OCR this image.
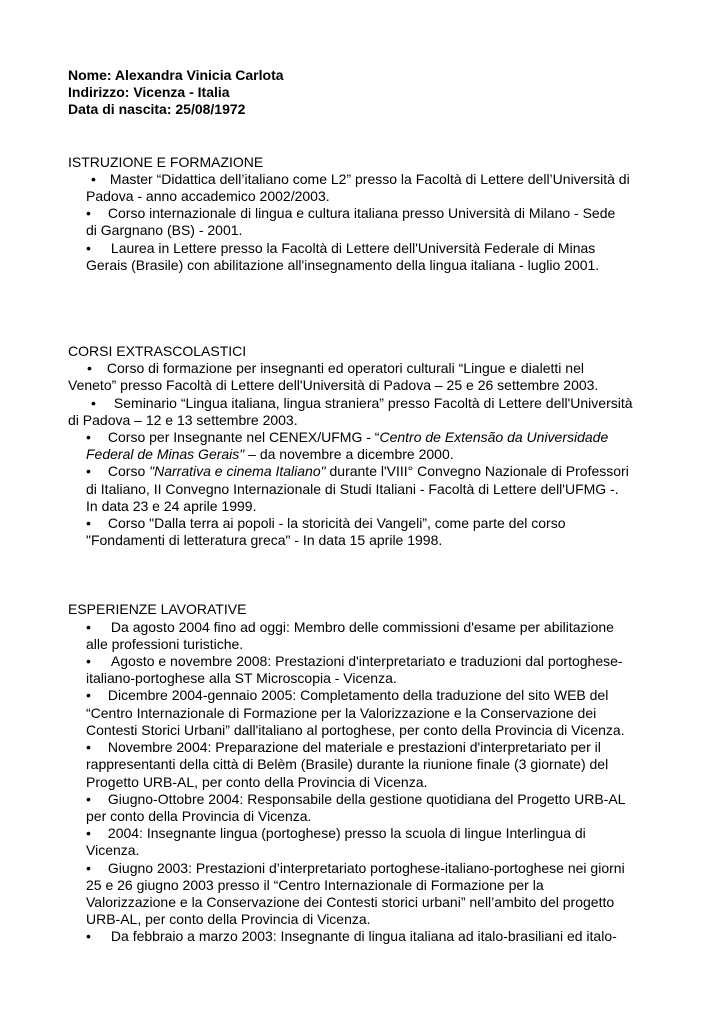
Nome: Alexandra Vinicia Carlota

Indirizzo: Vicenza - Italia

Data di nascita: 25/08/1972

ISTRUZIONE E FORMAZIONE

• Master “Didattica dell’italiano come L2” presso la Facoltà di Lettere dell’Università di

Padova - anno accademico 2002/2003.

• Corso internazionale di lingua e cultura italiana presso Università di Milano - Sede

di Gargnano (BS) - 2001.

• Laurea in Lettere presso la Facoltà di Lettere dell'Università Federale di Minas

Gerais (Brasile) con abilitazione all'insegnamento della lingua italiana - luglio 2001.

CORSI EXTRASCOLASTICI

• Corso di formazione per insegnanti ed operatori culturali “Lingue e dialetti nel

Veneto” presso Facoltà di Lettere dell'Università di Padova – 25 e 26 settembre 2003.

• Seminario “Lingua italiana, lingua straniera” presso Facoltà di Lettere dell'Università

di Padova – 12 e 13 settembre 2003.

• Corso per Insegnante nel CENEX/UFMG - “Centro de Extensão da Universidade

Federal de Minas Gerais" – da novembre a dicembre 2000.

• Corso "Narrativa e cinema Italiano" durante l'VIII° Convegno Nazionale di Professori

di Italiano, II Convegno Internazionale di Studi Italiani - Facoltà di Lettere dell'UFMG -.

In data 23 e 24 aprile 1999.

• Corso "Dalla terra ai popoli - la storicità dei Vangeli”, come parte del corso

"Fondamenti di letteratura greca" - In data 15 aprile 1998.

ESPERIENZE LAVORATIVE

• Da agosto 2004 fino ad oggi: Membro delle commissioni d'esame per abilitazione

alle professioni turistiche.

• Agosto e novembre 2008: Prestazioni d'interpretariato e traduzioni dal portoghese-

italiano-portoghese alla ST Microscopia - Vicenza.

• Dicembre 2004-gennaio 2005: Completamento della traduzione del sito WEB del

“Centro Internazionale di Formazione per la Valorizzazione e la Conservazione dei

Contesti Storici Urbani” dall'italiano al portoghese, per conto della Provincia di Vicenza.

• Novembre 2004: Preparazione del materiale e prestazioni d'interpretariato per il

rappresentanti della città di Belèm (Brasile) durante la riunione finale (3 giornate) del

Progetto URB-AL, per conto della Provincia di Vicenza.

• Giugno-Ottobre 2004: Responsabile della gestione quotidiana del Progetto URB-AL

per conto della Provincia di Vicenza.

• 2004: Insegnante lingua (portoghese) presso la scuola di lingue Interlingua di

Vicenza.

• Giugno 2003: Prestazioni d’interpretariato portoghese-italiano-portoghese nei giorni

25 e 26 giugno 2003 presso il “Centro Internazionale di Formazione per la

Valorizzazione e la Conservazione dei Contesti storici urbani” nell’ambito del progetto

URB-AL, per conto della Provincia di Vicenza.

• Da febbraio a marzo 2003: Insegnante di lingua italiana ad italo-brasiliani ed italo-
